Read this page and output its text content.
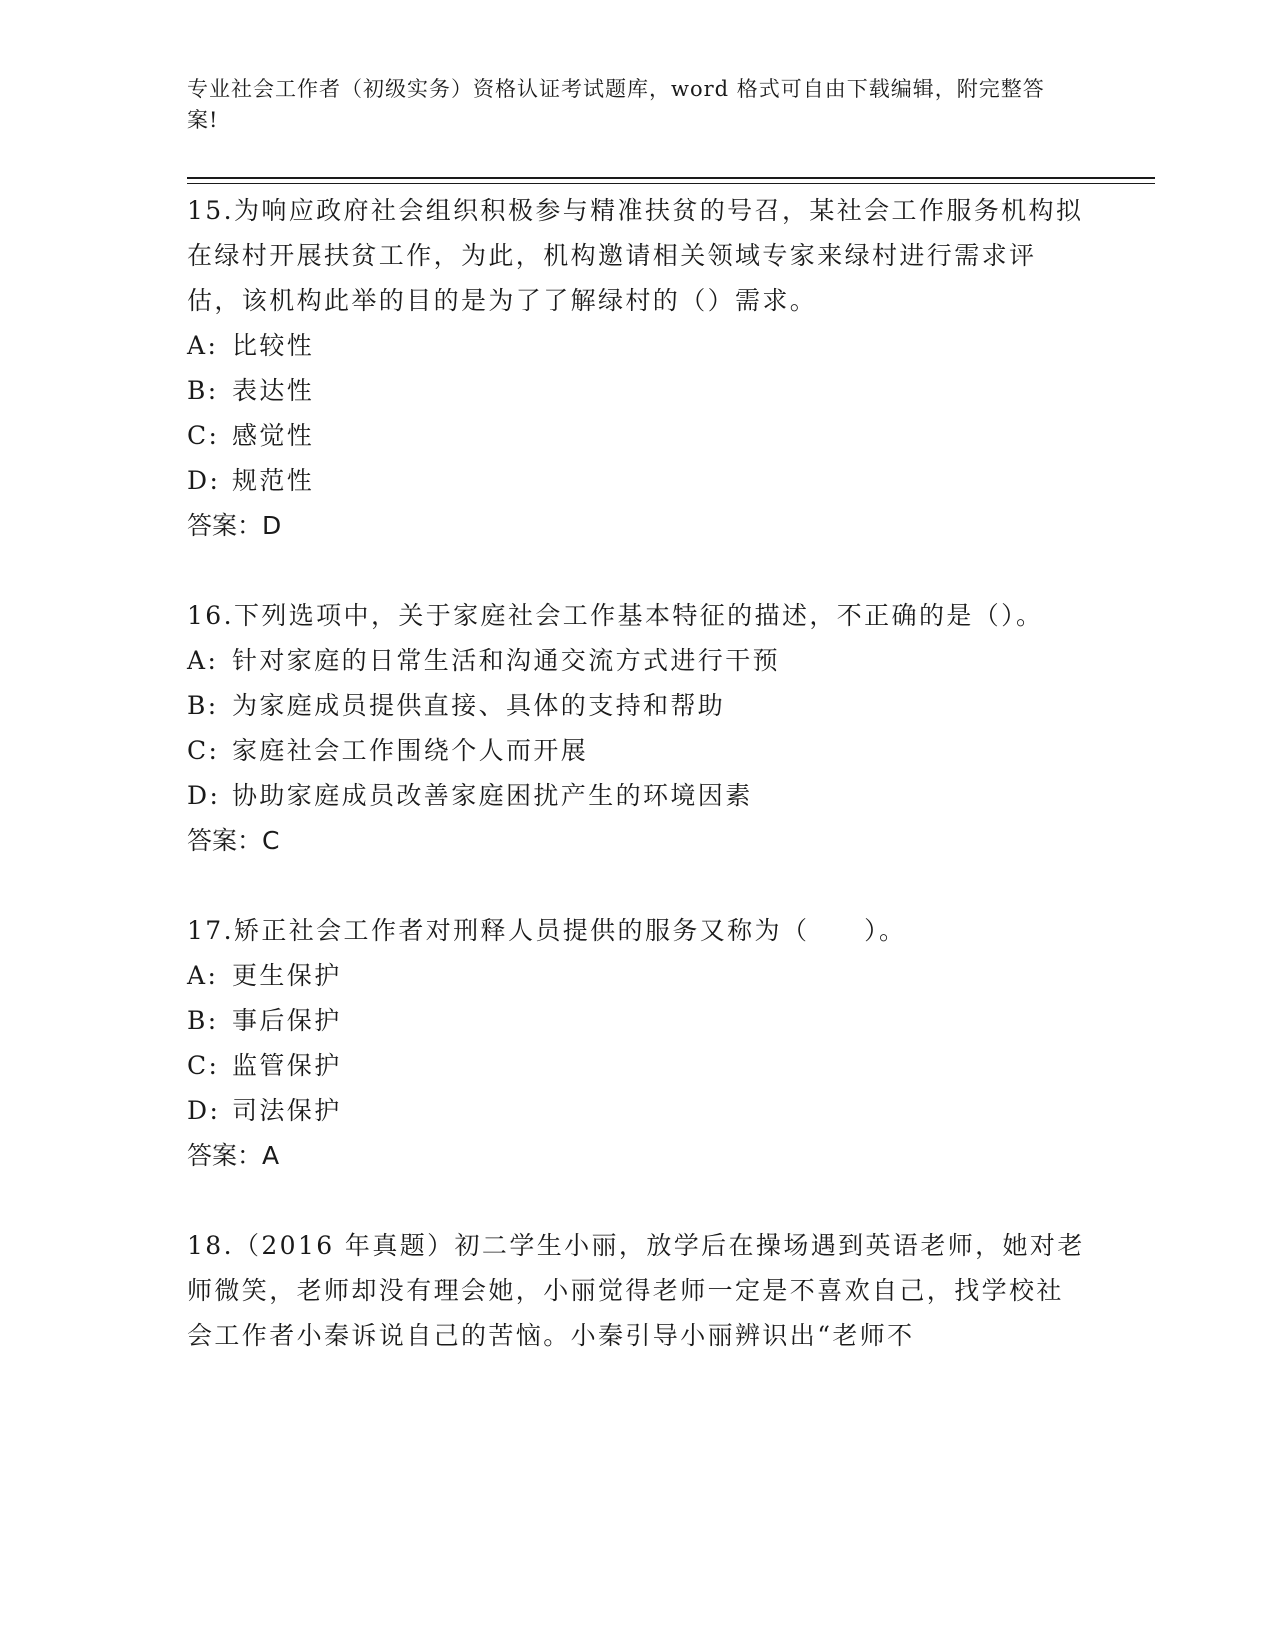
专业社会工作者（初级实务）资格认证考试题库，word 格式可自由下载编辑，附完整答案!

15.为响应政府社会组织积极参与精准扶贫的号召，某社会工作服务机构拟在绿村开展扶贫工作，为此，机构邀请相关领域专家来绿村进行需求评估，该机构此举的目的是为了了解绿村的（）需求。

A: 比较性

B: 表达性

C: 感觉性

D: 规范性

答案：D

16.下列选项中，关于家庭社会工作基本特征的描述，不正确的是（）。

A: 针对家庭的日常生活和沟通交流方式进行干预

B: 为家庭成员提供直接、具体的支持和帮助

C: 家庭社会工作围绕个人而开展

D: 协助家庭成员改善家庭困扰产生的环境因素

答案：C

17.矫正社会工作者对刑释人员提供的服务又称为（　　）。

A: 更生保护

B: 事后保护

C: 监管保护

D: 司法保护

答案：A

18.（2016 年真题）初二学生小丽，放学后在操场遇到英语老师，她对老师微笑，老师却没有理会她，小丽觉得老师一定是不喜欢自己，找学校社会工作者小秦诉说自己的苦恼。小秦引导小丽辨识出“老师不
